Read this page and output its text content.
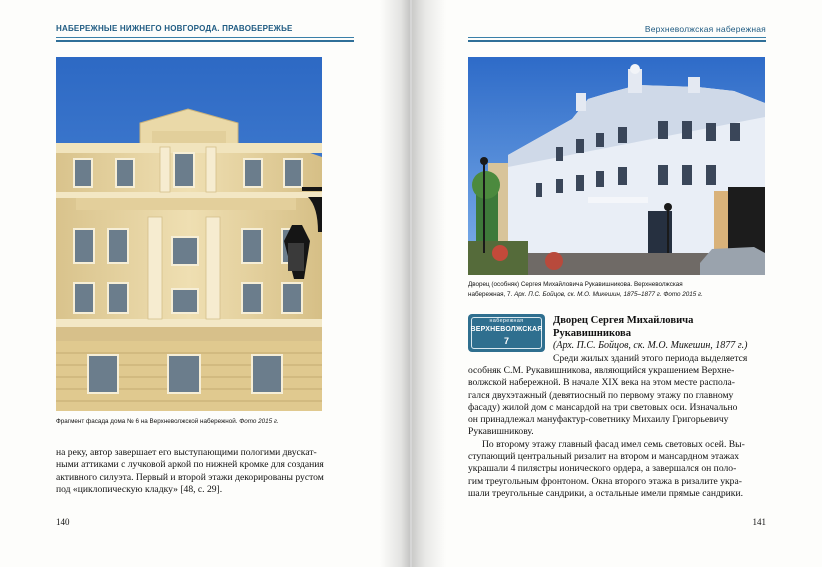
НАБЕРЕЖНЫЕ НИЖНЕГО НОВГОРОДА. ПРАВОБЕРЕЖЬЕ
Фрагмент фасада дома № 6 на Верхневолжской набережной. Фото 2015 г.

на реку, автор завершает его выступающими пологими двускат-

ными аттиками с лучковой аркой по нижней кромке для создания

активного силуэта. Первый и второй этажи декорированы рустом

под «циклопическую кладку» [48, с. 29].

140
Верхневолжская набережная
Дворец (особняк) Сергея Михайловича Рукавишникова. Верхневолжская
набережная, 7. Арх. П.С. Бойцов, ск. М.О. Микешин, 1875–1877 г. Фото 2015 г.
набережная
ВЕРХНЕВОЛЖСКАЯ
7
Дворец Сергея Михайловича
Рукавишникова
(Арх. П.С. Бойцов, ск. М.О. Микешин, 1877 г.)

Среди жилых зданий этого периода выделяется

особняк С.М. Рукавишникова, являющийся украшением Верхне-

волжской набережной. В начале XIX века на этом месте распола-

гался двухэтажный (девятиосный по первому этажу по главному

фасаду) жилой дом с мансардой на три световых оси. Изначально

он принадлежал мануфактур-советнику Михаилу Григорьевичу

Рукавишникову.

По второму этажу главный фасад имел семь световых осей. Вы-

ступающий центральный ризалит на втором и мансардном этажах

украшали 4 пилястры ионического ордера, а завершался он поло-

гим треугольным фронтоном. Окна второго этажа в ризалите укра-

шали треугольные сандрики, а остальные имели прямые сандрики.

141
